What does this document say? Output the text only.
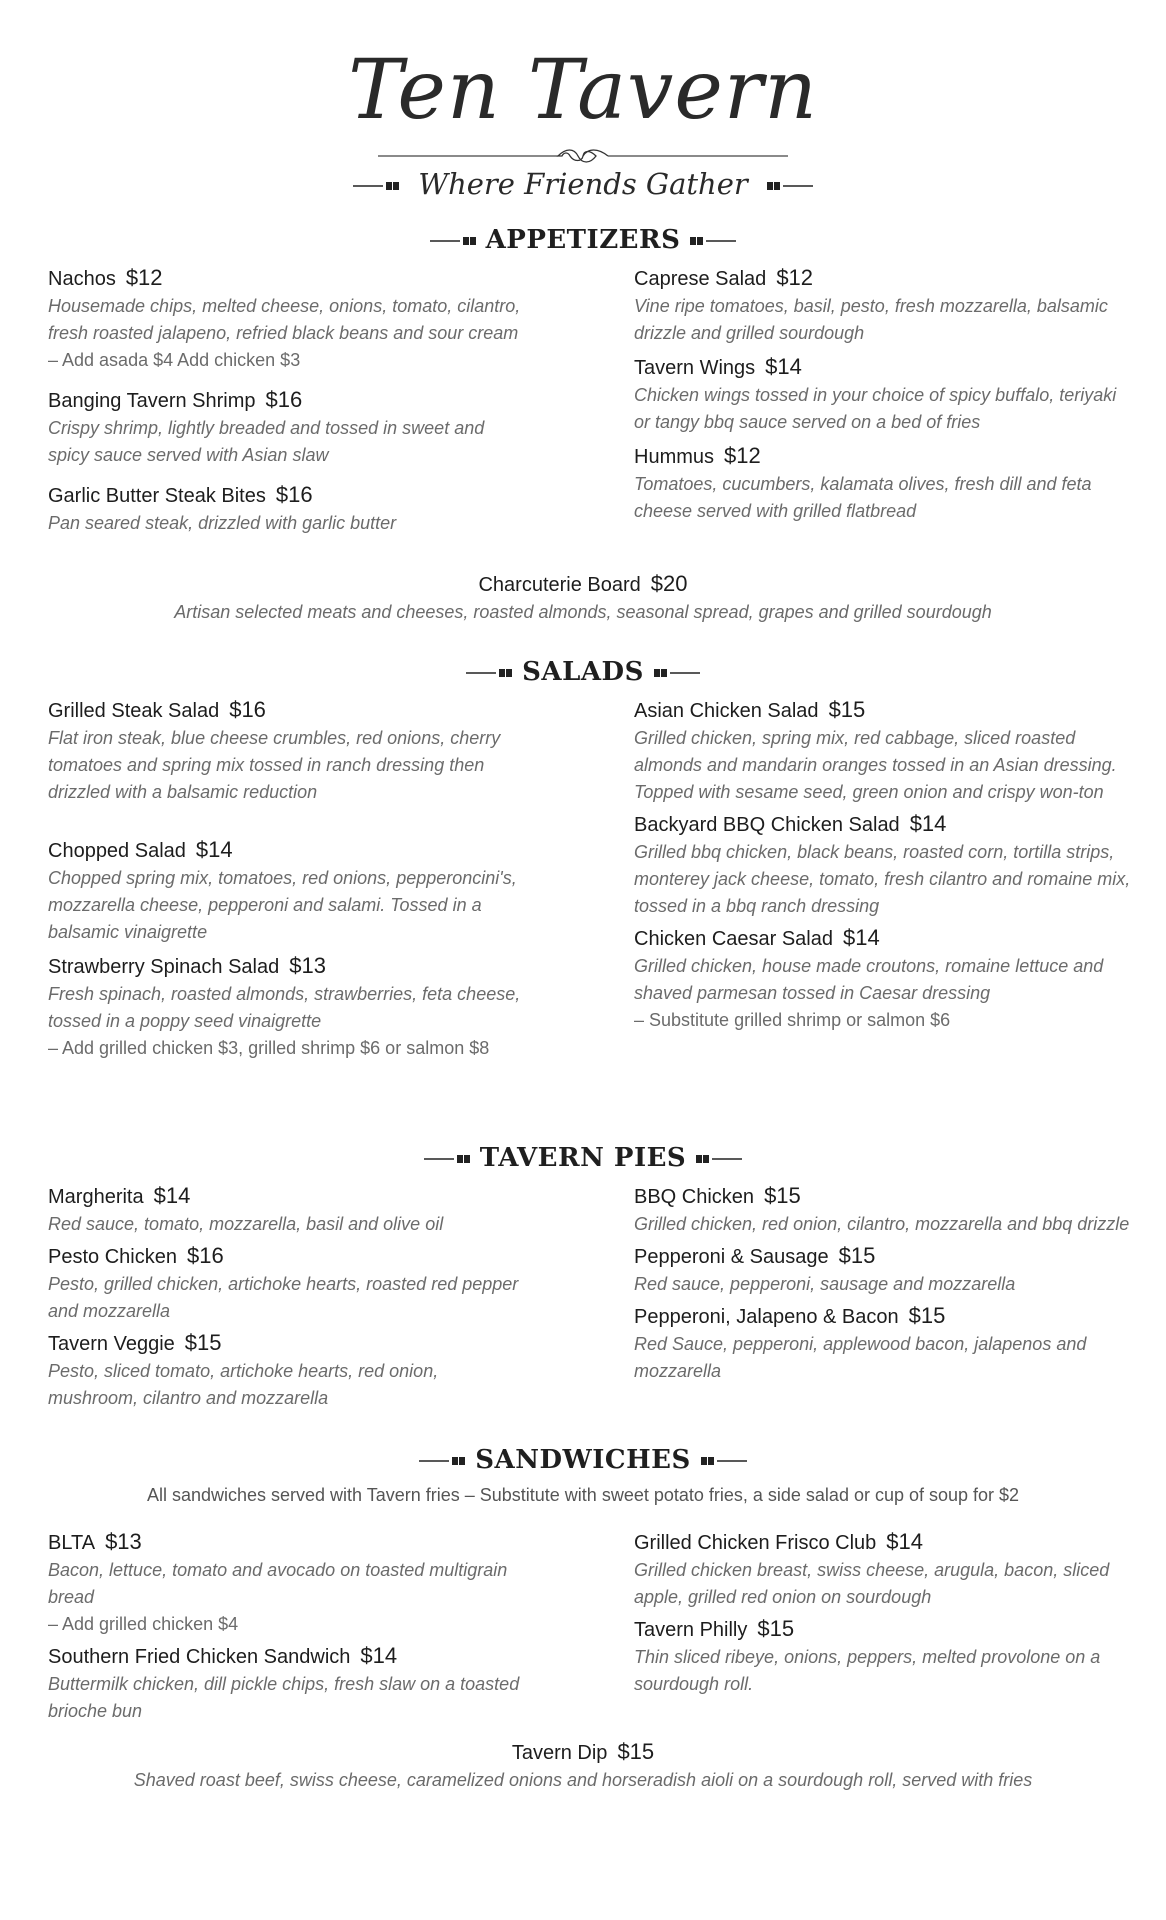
Ten Tavern
Where Friends Gather
APPETIZERS
Nachos $12
Housemade chips, melted cheese, onions, tomato, cilantro, fresh roasted jalapeno, refried black beans and sour cream
– Add asada $4 Add chicken $3
Banging Tavern Shrimp $16
Crispy shrimp, lightly breaded and tossed in sweet and spicy sauce served with Asian slaw
Garlic Butter Steak Bites $16
Pan seared steak, drizzled with garlic butter
Caprese Salad $12
Vine ripe tomatoes, basil, pesto, fresh mozzarella, balsamic drizzle and grilled sourdough
Tavern Wings $14
Chicken wings tossed in your choice of spicy buffalo, teriyaki or tangy bbq sauce served on a bed of fries
Hummus $12
Tomatoes, cucumbers, kalamata olives, fresh dill and feta cheese served with grilled flatbread
Charcuterie Board $20
Artisan selected meats and cheeses, roasted almonds, seasonal spread, grapes and grilled sourdough
SALADS
Grilled Steak Salad $16
Flat iron steak, blue cheese crumbles, red onions, cherry tomatoes and spring mix tossed in ranch dressing then drizzled with a balsamic reduction
Chopped Salad $14
Chopped spring mix, tomatoes, red onions, pepperoncini's, mozzarella cheese, pepperoni and salami. Tossed in a balsamic vinaigrette
Strawberry Spinach Salad $13
Fresh spinach, roasted almonds, strawberries, feta cheese, tossed in a poppy seed vinaigrette
– Add grilled chicken $3, grilled shrimp $6 or salmon $8
Asian Chicken Salad $15
Grilled chicken, spring mix, red cabbage, sliced roasted almonds and mandarin oranges tossed in an Asian dressing. Topped with sesame seed, green onion and crispy won-ton
Backyard BBQ Chicken Salad $14
Grilled bbq chicken, black beans, roasted corn, tortilla strips, monterey jack cheese, tomato, fresh cilantro and romaine mix, tossed in a bbq ranch dressing
Chicken Caesar Salad $14
Grilled chicken, house made croutons, romaine lettuce and shaved parmesan tossed in Caesar dressing
– Substitute grilled shrimp or salmon $6
TAVERN PIES
Margherita $14
Red sauce, tomato, mozzarella, basil and olive oil
Pesto Chicken $16
Pesto, grilled chicken, artichoke hearts, roasted red pepper and mozzarella
Tavern Veggie $15
Pesto, sliced tomato, artichoke hearts, red onion, mushroom, cilantro and mozzarella
BBQ Chicken $15
Grilled chicken, red onion, cilantro, mozzarella and bbq drizzle
Pepperoni & Sausage $15
Red sauce, pepperoni, sausage and mozzarella
Pepperoni, Jalapeno & Bacon $15
Red Sauce, pepperoni, applewood bacon, jalapenos and mozzarella
SANDWICHES
All sandwiches served with Tavern fries – Substitute with sweet potato fries, a side salad or cup of soup for $2
BLTA $13
Bacon, lettuce, tomato and avocado on toasted multigrain bread
– Add grilled chicken $4
Southern Fried Chicken Sandwich $14
Buttermilk chicken, dill pickle chips, fresh slaw on a toasted brioche bun
Grilled Chicken Frisco Club $14
Grilled chicken breast, swiss cheese, arugula, bacon, sliced apple, grilled red onion on sourdough
Tavern Philly $15
Thin sliced ribeye, onions, peppers, melted provolone on a sourdough roll.
Tavern Dip $15
Shaved roast beef, swiss cheese, caramelized onions and horseradish aioli on a sourdough roll, served with fries
